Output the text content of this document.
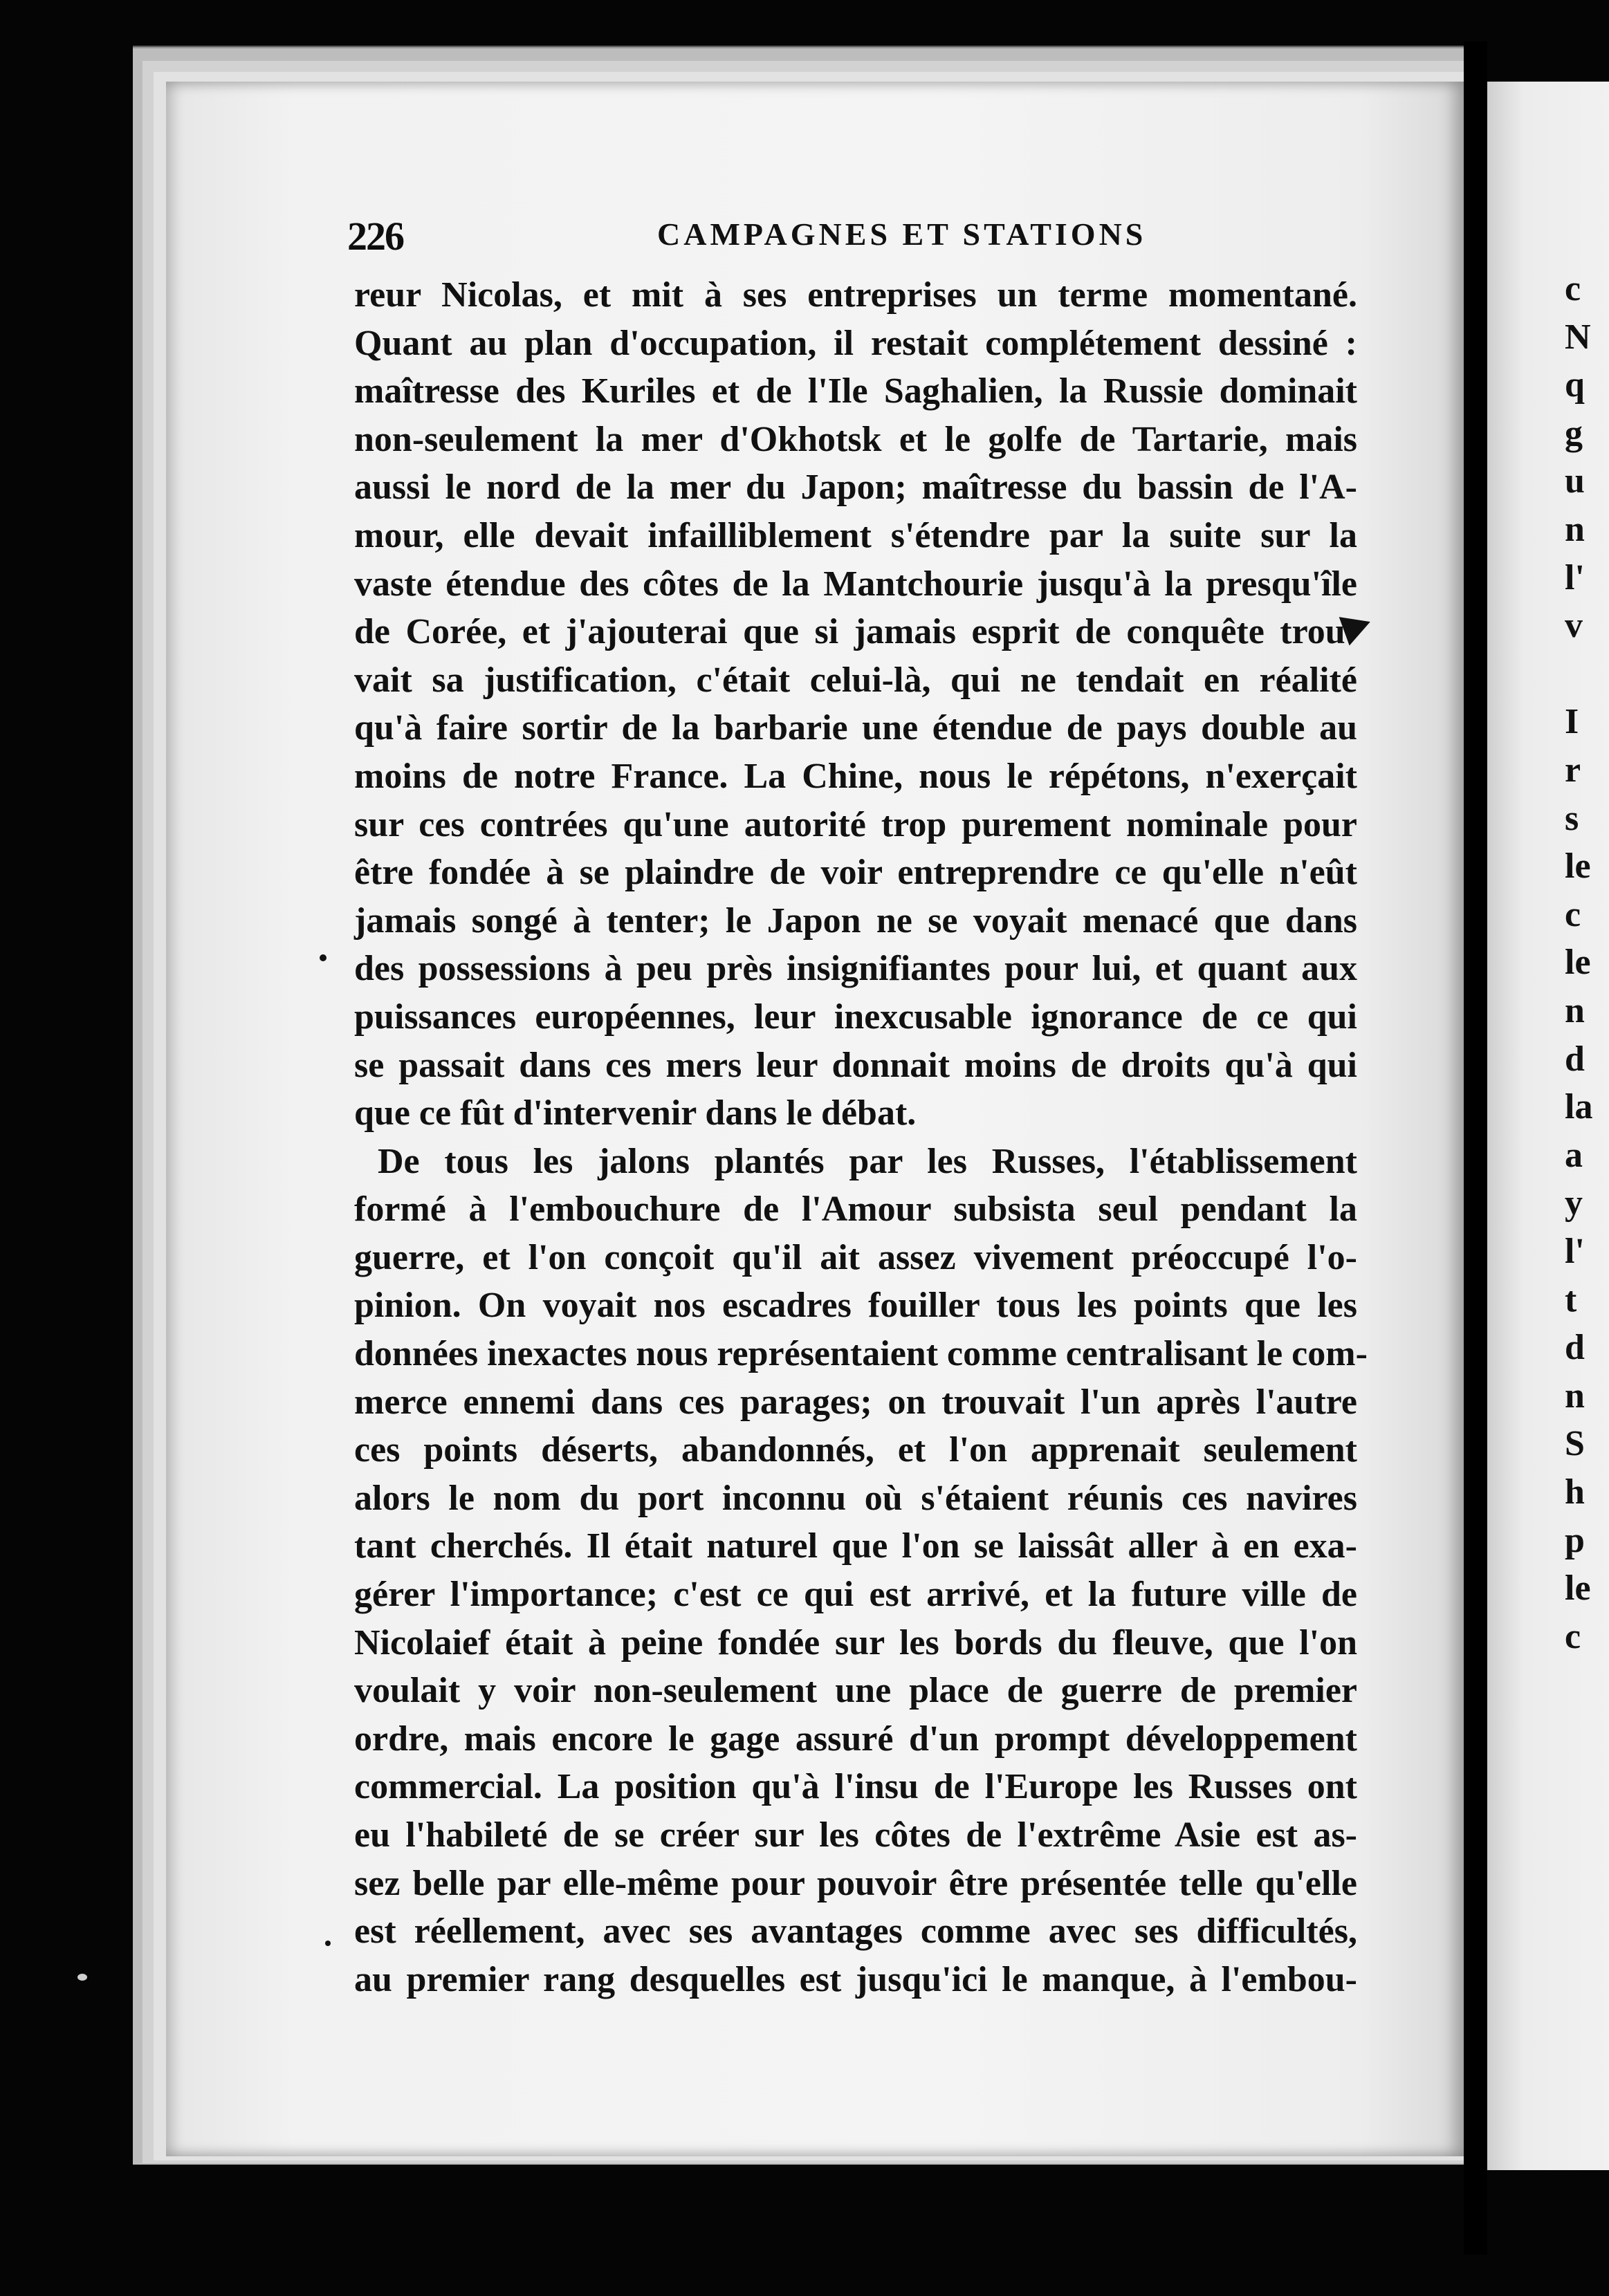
226	CAMPAGNES ET STATIONS
reur Nicolas, et mit à ses entreprises un terme momentané.
Quant au plan d'occupation, il restait complétement dessiné :
maîtresse des Kuriles et de l'Ile Saghalien, la Russie dominait
non-seulement la mer d'Okhotsk et le golfe de Tartarie, mais
aussi le nord de la mer du Japon; maîtresse du bassin de l'A-
mour, elle devait infailliblement s'étendre par la suite sur la
vaste étendue des côtes de la Mantchourie jusqu'à la presqu'île
de Corée, et j'ajouterai que si jamais esprit de conquête trou-
vait sa justification, c'était celui-là, qui ne tendait en réalité
qu'à faire sortir de la barbarie une étendue de pays double au
moins de notre France. La Chine, nous le répétons, n'exerçait
sur ces contrées qu'une autorité trop purement nominale pour
être fondée à se plaindre de voir entreprendre ce qu'elle n'eût
jamais songé à tenter; le Japon ne se voyait menacé que dans
des possessions à peu près insignifiantes pour lui, et quant aux
puissances européennes, leur inexcusable ignorance de ce qui
se passait dans ces mers leur donnait moins de droits qu'à qui
que ce fût d'intervenir dans le débat.
De tous les jalons plantés par les Russes, l'établissement
formé à l'embouchure de l'Amour subsista seul pendant la
guerre, et l'on conçoit qu'il ait assez vivement préoccupé l'o-
pinion. On voyait nos escadres fouiller tous les points que les
données inexactes nous représentaient comme centralisant le com-
merce ennemi dans ces parages; on trouvait l'un après l'autre
ces points déserts, abandonnés, et l'on apprenait seulement
alors le nom du port inconnu où s'étaient réunis ces navires
tant cherchés. Il était naturel que l'on se laissât aller à en exa-
gérer l'importance; c'est ce qui est arrivé, et la future ville de
Nicolaief était à peine fondée sur les bords du fleuve, que l'on
voulait y voir non-seulement une place de guerre de premier
ordre, mais encore le gage assuré d'un prompt développement
commercial. La position qu'à l'insu de l'Europe les Russes ont
eu l'habileté de se créer sur les côtes de l'extrême Asie est as-
sez belle par elle-même pour pouvoir être présentée telle qu'elle
est réellement, avec ses avantages comme avec ses difficultés,
au premier rang desquelles est jusqu'ici le manque, à l'embou-
c
N
q
g
u
n
l'
v
I
r
s
le
c
le
n
d
la
a
y
l'
t
d
n
S
h
p
le
c
